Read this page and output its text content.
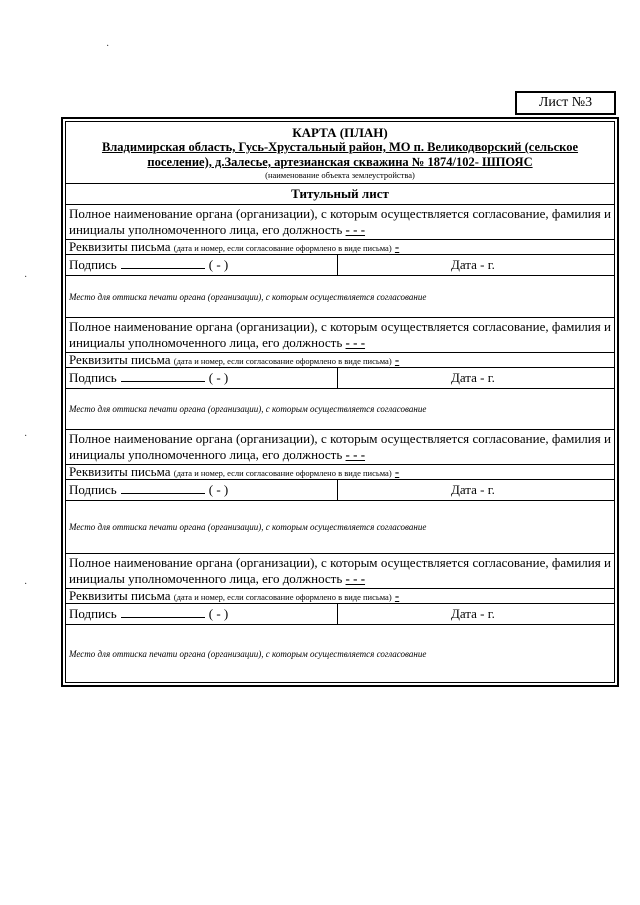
·
·
·
·
Лист №3
КАРТА (ПЛАН)
Владимирская область, Гусь-Хрустальный район, МО п. Великодворский (сельское
поселение), д.Залесье, артезианская скважина № 1874/102- ШПОЯС
(наименование объекта землеустройства)
Титульный лист
Полное наименование органа (организации), с которым осуществляется согласование, фамилия и инициалы уполномоченного лица, его должность - - -
Реквизиты письма (дата и номер, если согласование оформлено в виде письма) -
Подпись	( - )	Дата - г.
Место для оттиска печати органа (организации), с которым осуществляется согласование
Полное наименование органа (организации), с которым осуществляется согласование, фамилия и инициалы уполномоченного лица, его должность - - -
Реквизиты письма (дата и номер, если согласование оформлено в виде письма) -
Подпись	( - )	Дата - г.
Место для оттиска печати органа (организации), с которым осуществляется согласование
Полное наименование органа (организации), с которым осуществляется согласование, фамилия и инициалы уполномоченного лица, его должность - - -
Реквизиты письма (дата и номер, если согласование оформлено в виде письма) -
Подпись	( - )	Дата - г.
Место для оттиска печати органа (организации), с которым осуществляется согласование
Полное наименование органа (организации), с которым осуществляется согласование, фамилия и инициалы уполномоченного лица, его должность - - -
Реквизиты письма (дата и номер, если согласование оформлено в виде письма) -
Подпись	( - )	Дата - г.
Место для оттиска печати органа (организации), с которым осуществляется согласование
